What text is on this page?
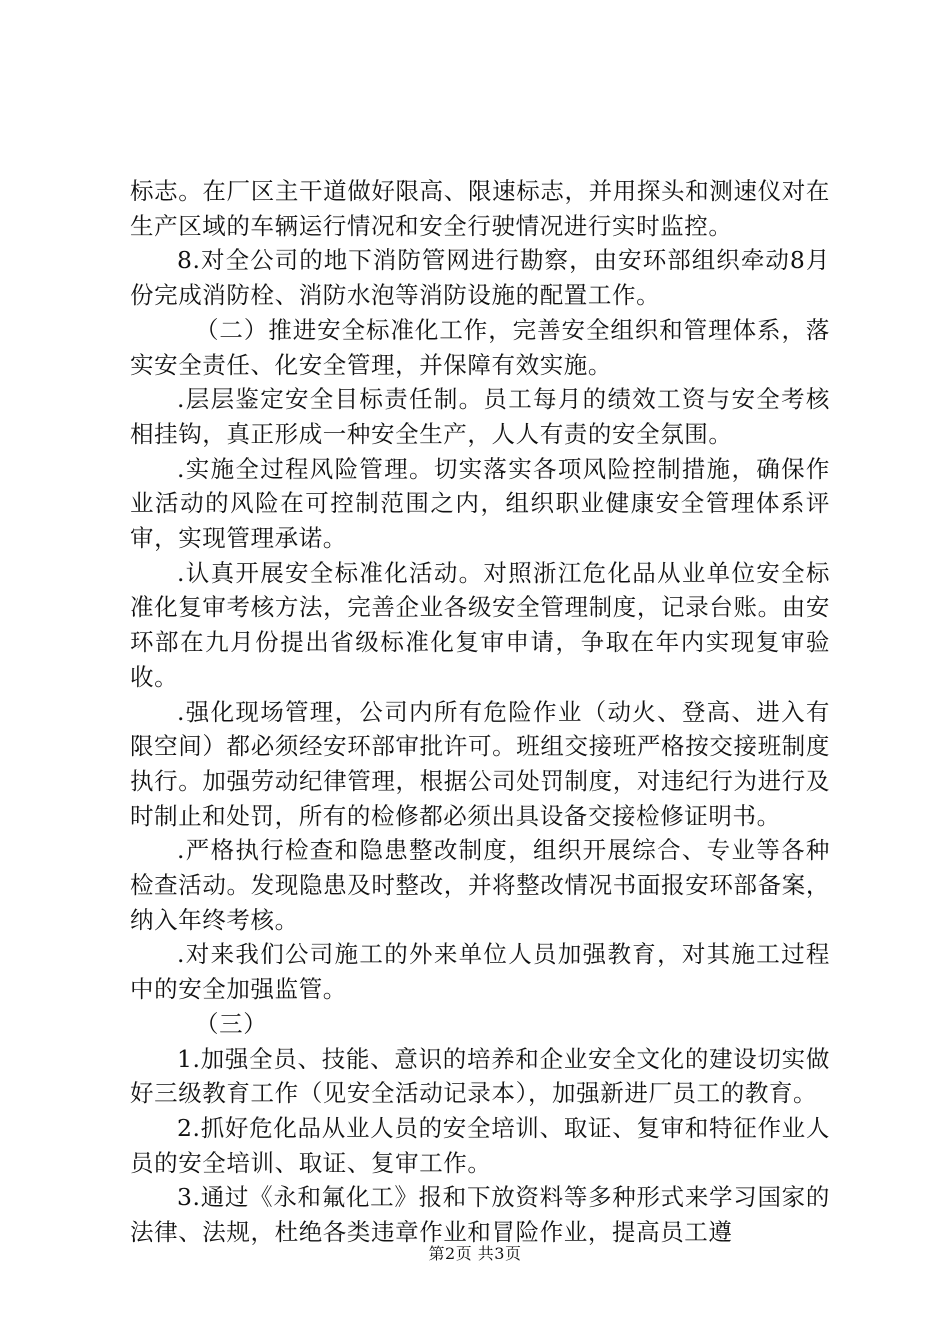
标志。在厂区主干道做好限高、限速标志，并用探头和测速仪对在生产区域的车辆运行情况和安全行驶情况进行实时监控。

8.对全公司的地下消防管网进行勘察，由安环部组织牵动8月份完成消防栓、消防水泡等消防设施的配置工作。

（二）推进安全标准化工作，完善安全组织和管理体系，落实安全责任、化安全管理，并保障有效实施。

.层层鉴定安全目标责任制。员工每月的绩效工资与安全考核相挂钩，真正形成一种安全生产，人人有责的安全氛围。

.实施全过程风险管理。切实落实各项风险控制措施，确保作业活动的风险在可控制范围之内，组织职业健康安全管理体系评审，实现管理承诺。

.认真开展安全标准化活动。对照浙江危化品从业单位安全标准化复审考核方法，完善企业各级安全管理制度，记录台账。由安环部在九月份提出省级标准化复审申请，争取在年内实现复审验收。

.强化现场管理，公司内所有危险作业（动火、登高、进入有限空间）都必须经安环部审批许可。班组交接班严格按交接班制度执行。加强劳动纪律管理，根据公司处罚制度，对违纪行为进行及时制止和处罚，所有的检修都必须出具设备交接检修证明书。

.严格执行检查和隐患整改制度，组织开展综合、专业等各种检查活动。发现隐患及时整改，并将整改情况书面报安环部备案，纳入年终考核。

.对来我们公司施工的外来单位人员加强教育，对其施工过程中的安全加强监管。

（三）

1.加强全员、技能、意识的培养和企业安全文化的建设切实做好三级教育工作（见安全活动记录本），加强新进厂员工的教育。

2.抓好危化品从业人员的安全培训、取证、复审和特征作业人员的安全培训、取证、复审工作。

3.通过《永和氟化工》报和下放资料等多种形式来学习国家的法律、法规，杜绝各类违章作业和冒险作业，提高员工遵

第2页 共3页
